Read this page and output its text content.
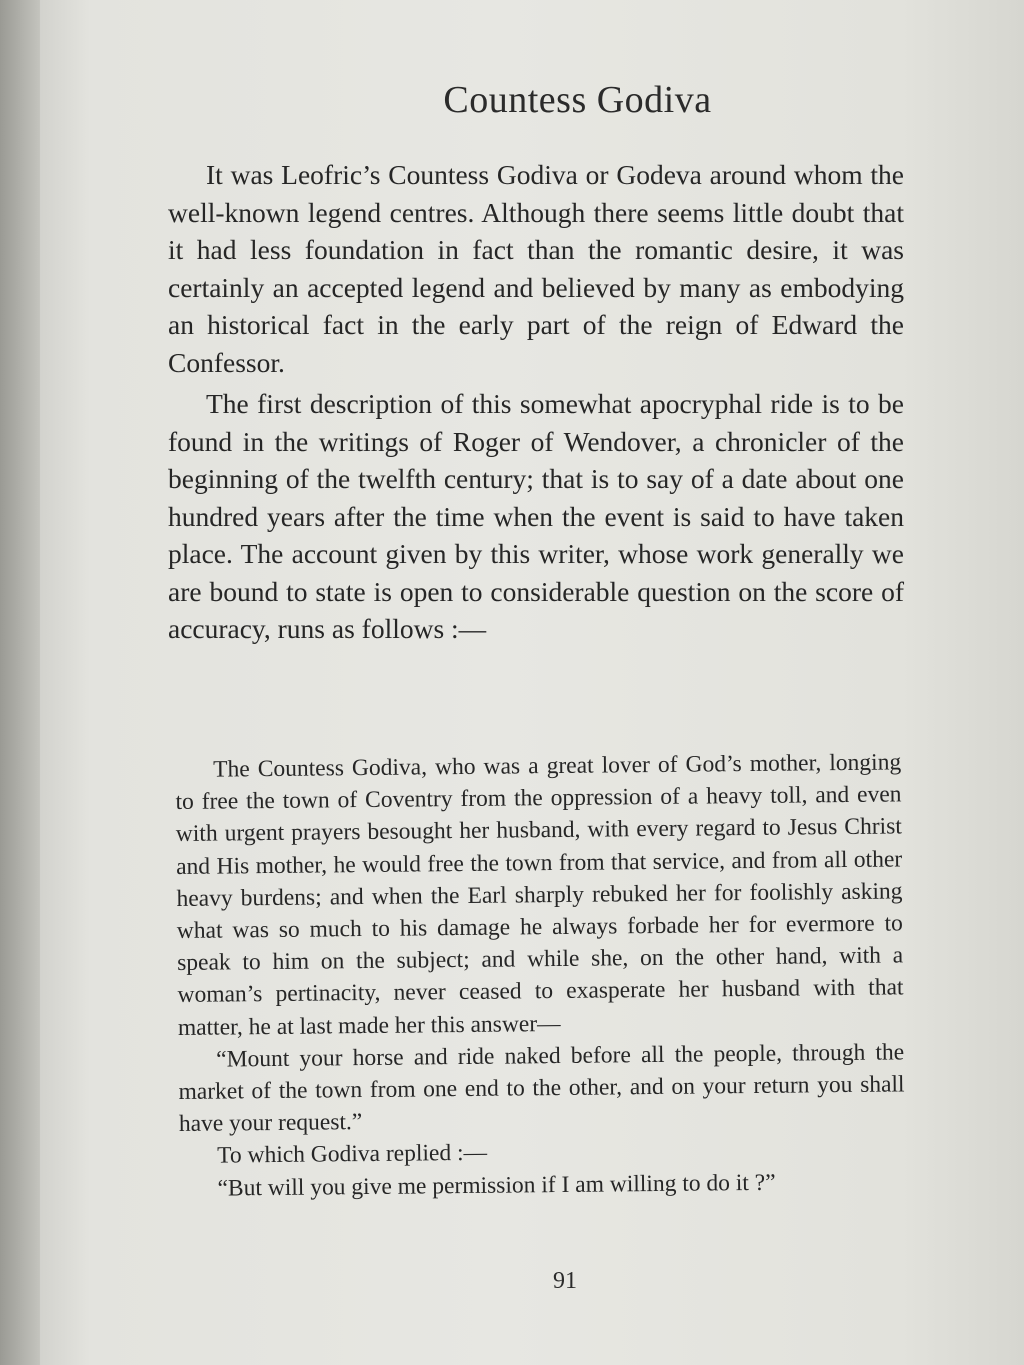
Countess Godiva

It was Leofric’s Countess Godiva or Godeva around whom the well-known legend centres. Although there seems little doubt that it had less foundation in fact than the romantic desire, it was certainly an accepted legend and believed by many as embodying an historical fact in the early part of the reign of Edward the Confessor.

The first description of this somewhat apocryphal ride is to be found in the writings of Roger of Wendover, a chronicler of the beginning of the twelfth century; that is to say of a date about one hundred years after the time when the event is said to have taken place. The account given by this writer, whose work generally we are bound to state is open to considerable question on the score of accuracy, runs as follows :—

The Countess Godiva, who was a great lover of God’s mother, longing to free the town of Coventry from the oppression of a heavy toll, and even with urgent prayers besought her husband, with every regard to Jesus Christ and His mother, he would free the town from that service, and from all other heavy burdens; and when the Earl sharply rebuked her for foolishly asking what was so much to his damage he always forbade her for evermore to speak to him on the subject; and while she, on the other hand, with a woman’s pertinacity, never ceased to exasperate her husband with that matter, he at last made her this answer—

“Mount your horse and ride naked before all the people, through the market of the town from one end to the other, and on your return you shall have your request.”

To which Godiva replied :—

“But will you give me permission if I am willing to do it ?”

91
